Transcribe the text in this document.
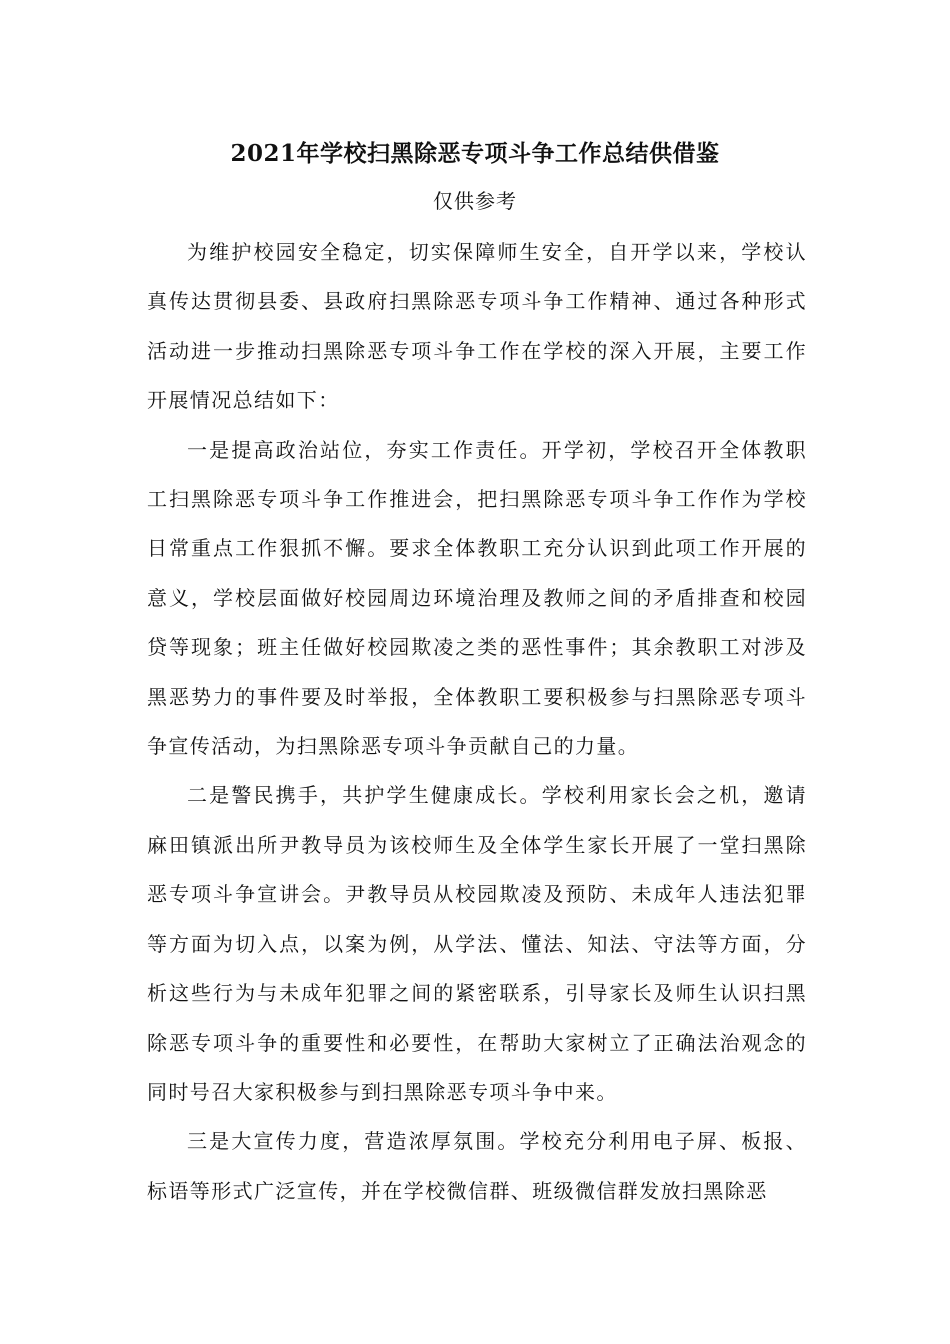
2021年学校扫黑除恶专项斗争工作总结供借鉴
仅供参考

为维护校园安全稳定，切实保障师生安全，自开学以来，学校认真传达贯彻县委、县政府扫黑除恶专项斗争工作精神、通过各种形式活动进一步推动扫黑除恶专项斗争工作在学校的深入开展，主要工作开展情况总结如下：

一是提高政治站位，夯实工作责任。开学初，学校召开全体教职工扫黑除恶专项斗争工作推进会，把扫黑除恶专项斗争工作作为学校日常重点工作狠抓不懈。要求全体教职工充分认识到此项工作开展的意义，学校层面做好校园周边环境治理及教师之间的矛盾排查和校园贷等现象；班主任做好校园欺凌之类的恶性事件；其余教职工对涉及黑恶势力的事件要及时举报，全体教职工要积极参与扫黑除恶专项斗争宣传活动，为扫黑除恶专项斗争贡献自己的力量。

二是警民携手，共护学生健康成长。学校利用家长会之机，邀请麻田镇派出所尹教导员为该校师生及全体学生家长开展了一堂扫黑除恶专项斗争宣讲会。尹教导员从校园欺凌及预防、未成年人违法犯罪等方面为切入点，以案为例，从学法、懂法、知法、守法等方面，分析这些行为与未成年犯罪之间的紧密联系，引导家长及师生认识扫黑除恶专项斗争的重要性和必要性，在帮助大家树立了正确法治观念的同时号召大家积极参与到扫黑除恶专项斗争中来。

三是大宣传力度，营造浓厚氛围。学校充分利用电子屏、板报、标语等形式广泛宣传，并在学校微信群、班级微信群发放扫黑除恶
